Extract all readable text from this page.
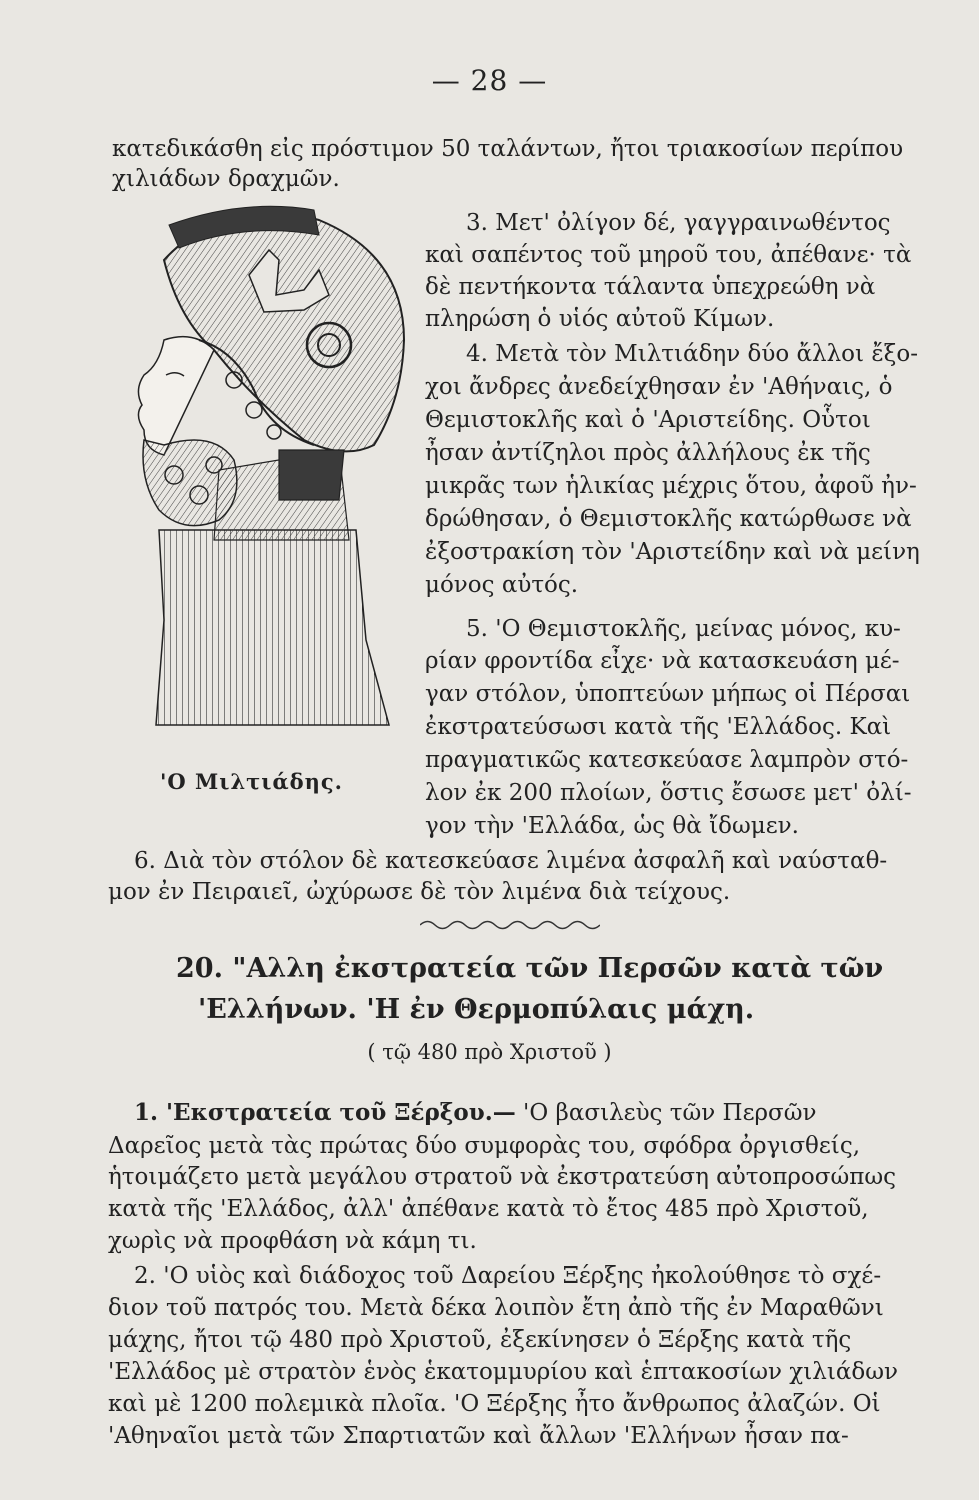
— 28 —
κατεδικάσθη εἰς πρόστιμον 50 ταλάντων, ἤτοι τριακοσίων περίπου
χιλιάδων δραχμῶν.
'Ο Μιλτιάδης.
3. Μετ' ὀλίγον δέ, γαγγραινωθέντος
καὶ σαπέντος τοῦ μηροῦ του, ἀπέθανε· τὰ
δὲ πεντήκοντα τάλαντα ὑπεχρεώθη νὰ
πληρώση ὁ υἱός αὐτοῦ Κίμων.
4. Μετὰ τὸν Μιλτιάδην δύο ἄλλοι ἔξο-
χοι ἄνδρες ἀνεδείχθησαν ἐν 'Αθήναις, ὁ
Θεμιστοκλῆς καὶ ὁ 'Αριστείδης. Οὗτοι
ἦσαν ἀντίζηλοι πρὸς ἀλλήλους ἐκ τῆς
μικρᾶς των ἡλικίας μέχρις ὅτου, ἀφοῦ ἠν-
δρώθησαν, ὁ Θεμιστοκλῆς κατώρθωσε νὰ
ἐξοστρακίση τὸν 'Αριστείδην καὶ νὰ μείνη
μόνος αὐτός.
5. 'Ο Θεμιστοκλῆς, μείνας μόνος, κυ-
ρίαν φροντίδα εἶχε· νὰ κατασκευάση μέ-
γαν στόλον, ὑποπτεύων μήπως οἱ Πέρσαι
ἐκστρατεύσωσι κατὰ τῆς 'Ελλάδος. Καὶ
πραγματικῶς κατεσκεύασε λαμπρὸν στό-
λον ἐκ 200 πλοίων, ὅστις ἔσωσε μετ' ὀλί-
γον τὴν 'Ελλάδα, ὡς θὰ ἴδωμεν.
6. Διὰ τὸν στόλον δὲ κατεσκεύασε λιμένα ἀσφαλῆ καὶ ναύσταθ-
μον ἐν Πειραιεῖ, ὠχύρωσε δὲ τὸν λιμένα διὰ τείχους.
20. "Αλλη ἐκστρατεία τῶν Περσῶν κατὰ τῶν
'Ελλήνων. 'Η ἐν Θερμοπύλαις μάχη.
( τῷ 480 πρὸ Χριστοῦ )
1. 'Εκστρατεία τοῦ Ξέρξου.— 'Ο βασιλεὺς τῶν Περσῶν
Δαρεῖος μετὰ τὰς πρώτας δύο συμφορὰς του, σφόδρα ὀργισθείς,
ἡτοιμάζετο μετὰ μεγάλου στρατοῦ νὰ ἐκστρατεύση αὐτοπροσώπως
κατὰ τῆς 'Ελλάδος, ἀλλ' ἀπέθανε κατὰ τὸ ἔτος 485 πρὸ Χριστοῦ,
χωρὶς νὰ προφθάση νὰ κάμη τι.
2. 'Ο υἱὸς καὶ διάδοχος τοῦ Δαρείου Ξέρξης ἠκολούθησε τὸ σχέ-
διον τοῦ πατρός του. Μετὰ δέκα λοιπὸν ἔτη ἀπὸ τῆς ἐν Μαραθῶνι
μάχης, ἤτοι τῷ 480 πρὸ Χριστοῦ, ἐξεκίνησεν ὁ Ξέρξης κατὰ τῆς
'Ελλάδος μὲ στρατὸν ἑνὸς ἑκατομμυρίου καὶ ἑπτακοσίων χιλιάδων
καὶ μὲ 1200 πολεμικὰ πλοῖα. 'Ο Ξέρξης ἦτο ἄνθρωπος ἀλαζών. Οἱ
'Αθηναῖοι μετὰ τῶν Σπαρτιατῶν καὶ ἄλλων 'Ελλήνων ἦσαν πα-
